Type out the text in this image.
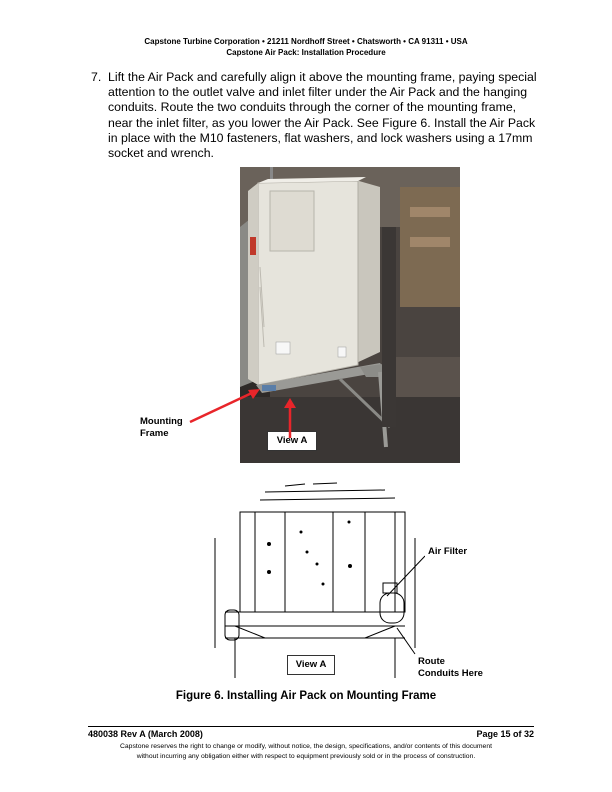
Capstone Turbine Corporation • 21211 Nordhoff Street • Chatsworth • CA 91311 • USA
Capstone Air Pack: Installation Procedure
7. Lift the Air Pack and carefully align it above the mounting frame, paying special attention to the outlet valve and inlet filter under the Air Pack and the hanging conduits. Route the two conduits through the corner of the mounting frame, near the inlet filter, as you lower the Air Pack. See Figure 6. Install the Air Pack in place with the M10 fasteners, flat washers, and lock washers using a 17mm socket and wrench.
View A
Mounting
Frame
View A
Air Filter
Route
Conduits Here
Figure 6. Installing Air Pack on Mounting Frame
480038 Rev A (March 2008)	Page 15 of 32
Capstone reserves the right to change or modify, without notice, the design, specifications, and/or contents of this document
without incurring any obligation either with respect to equipment previously sold or in the process of construction.
